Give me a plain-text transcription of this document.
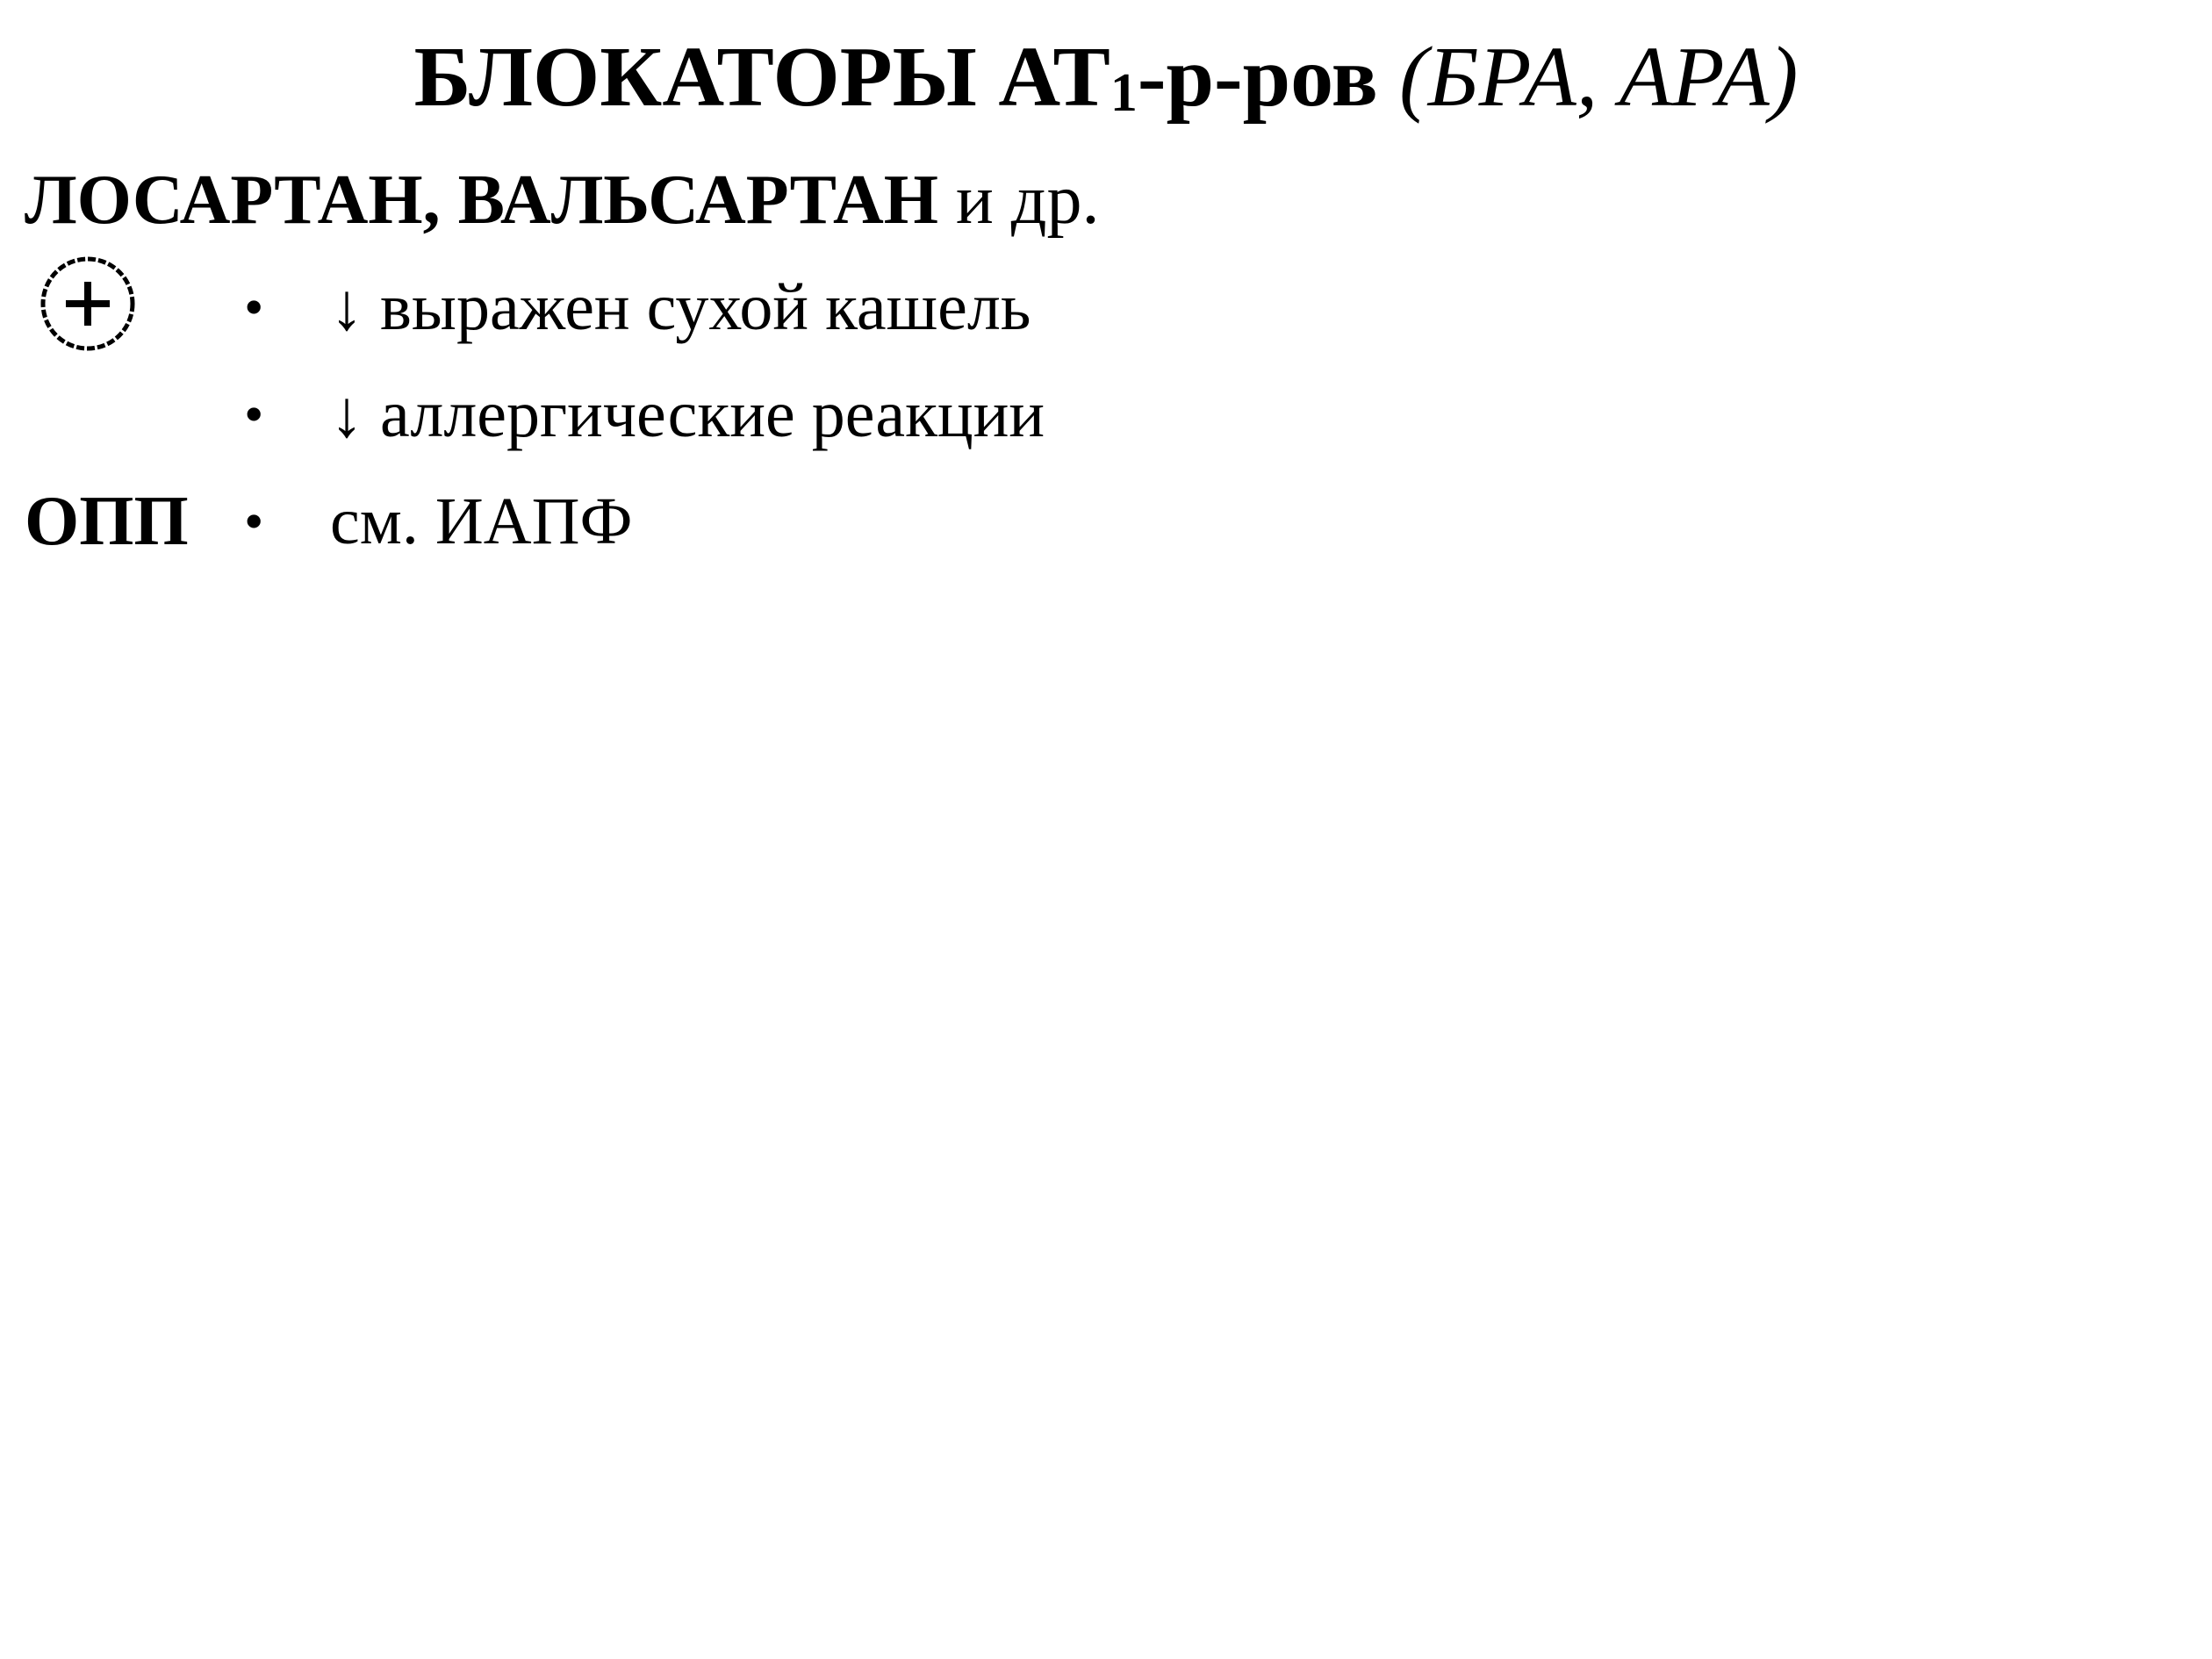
БЛОКАТОРЫ $АТ_1-р$-ров (БРА, АРА)
ЛОСАРТАН, ВАЛЬСАРТАН и др.
• ↓ выражен сухой кашель
• ↓ аллергические реакции
ОПП • см. ИАПФ
